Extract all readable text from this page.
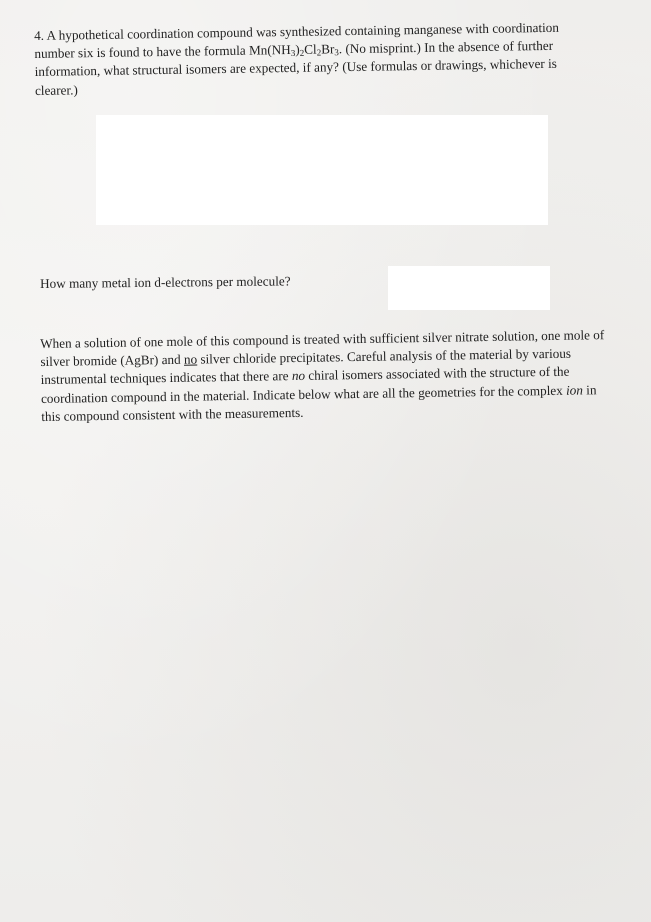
4. A hypothetical coordination compound was synthesized containing manganese with coordination number six is found to have the formula $Mn(NH_3)_2Cl_2Br_3$. (No misprint.) In the absence of further information, what structural isomers are expected, if any? (Use formulas or drawings, whichever is clearer.)

How many metal ion d-electrons per molecule?

When a solution of one mole of this compound is treated with sufficient silver nitrate solution, one mole of silver bromide (AgBr) and no silver chloride precipitates. Careful analysis of the material by various instrumental techniques indicates that there are no chiral isomers associated with the structure of the coordination compound in the material. Indicate below what are all the geometries for the complex ion in this compound consistent with the measurements.
